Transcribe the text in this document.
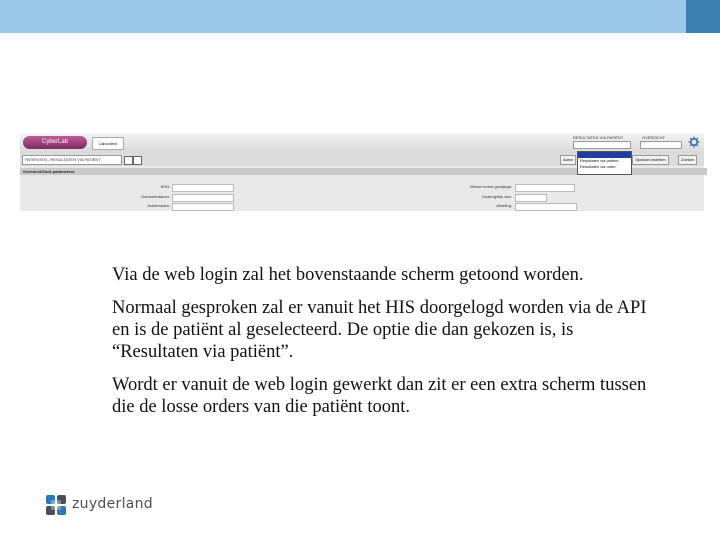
CyberLab	Labcollect
RESULTATEN VIA PATIËNT	OVERZICHT
PATIËNTEN - RESULTATEN VIA PATIËNT	Aanvr	Opslaan instellen	Zoeken
Overzicht/Zoek parameters
BSN:
Geboortedatum:
Achternaam:
Meest recent gewijzigd:
Ouder/gelijk dan:
Afdeling:
Resultaten via patiënt
Resultaten via order

Via de web login zal het bovenstaande scherm getoond worden.

Normaal gesproken zal er vanuit het HIS doorgelogd worden via de API en is de patiënt al geselecteerd. De optie die dan gekozen is, is “Resultaten via patiënt”.

Wordt er vanuit de web login gewerkt dan zit er een extra scherm tussen die de losse orders van die patiënt toont.

zuyderland
